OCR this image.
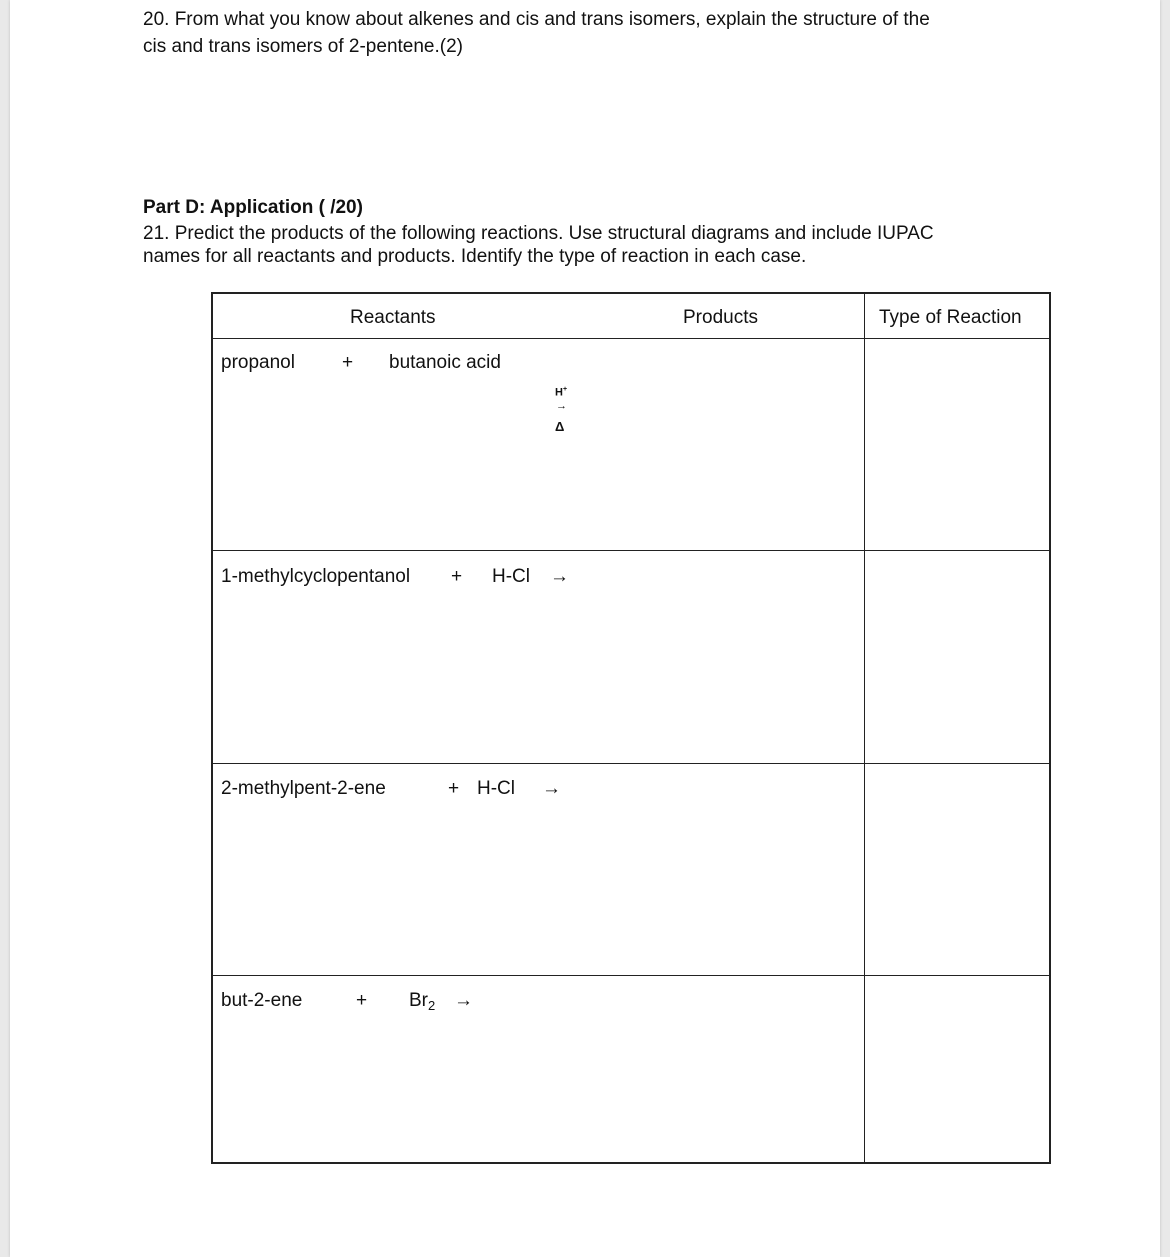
20. From what you know about alkenes and cis and trans isomers, explain the structure of the
cis and trans isomers of 2-pentene.(2)
Part D: Application ( /20)
21. Predict the products of the following reactions. Use structural diagrams and include IUPAC
names for all reactants and products. Identify the type of reaction in each case.
Reactants	Products	Type of Reaction
propanol + butanoic acid
H+
→
Δ
1-methylcyclopentanol + H-Cl →
2-methylpent-2-ene	+ H-Cl →
but-2-ene	+ $Br_2$ →
